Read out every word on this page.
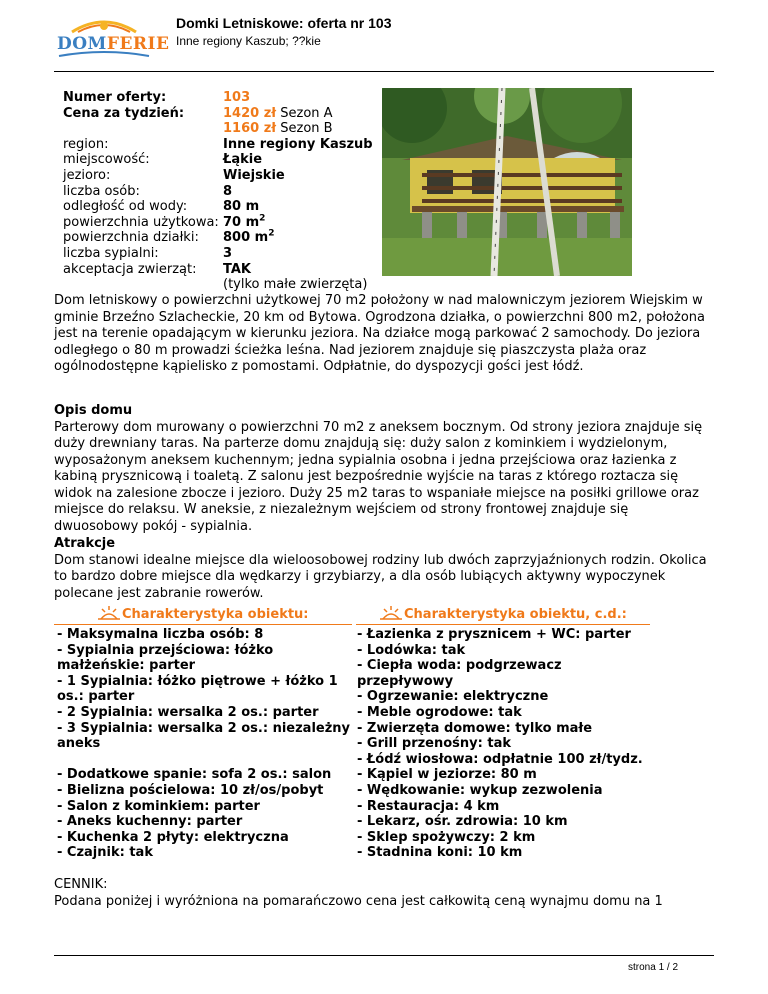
DOMFERIE
Domki Letniskowe: oferta nr 103
Inne regiony Kaszub; ??kie
Numer oferty:	103
Cena za tydzień:	1420 zł Sezon A
1160 zł Sezon B
region:	Inne regiony Kaszub
miejscowość:	Łąkie
jezioro:	Wiejskie
liczba osób:	8
odległość od wody:	80 m
powierzchnia użytkowa: 70 $m^2$
powierzchnia działki: 800 $m^2$
liczba sypialni:	3
akceptacja zwierząt: TAK
(tylko małe zwierzęta)
Dom letniskowy o powierzchni użytkowej 70 m2 położony w nad malowniczym jeziorem Wiejskim w gminie Brzeźno Szlacheckie, 20 km od Bytowa. Ogrodzona działka, o powierzchni 800 m2, położona jest na terenie opadającym w kierunku jeziora. Na działce mogą parkować 2 samochody. Do jeziora odległego o 80 m prowadzi ścieżka leśna. Nad jeziorem znajduje się piaszczysta plaża oraz ogólnodostępne kąpielisko z pomostami. Odpłatnie, do dyspozycji gości jest łódź.
Opis domu
Parterowy dom murowany o powierzchni 70 m2 z aneksem bocznym. Od strony jeziora znajduje się duży drewniany taras. Na parterze domu znajdują się: duży salon z kominkiem i wydzielonym, wyposażonym aneksem kuchennym; jedna sypialnia osobna i jedna przejściowa oraz łazienka z kabiną prysznicową i toaletą. Z salonu jest bezpośrednie wyjście na taras z którego roztacza się widok na zalesione zbocze i jezioro. Duży 25 m2 taras to wspaniałe miejsce na posiłki grillowe oraz miejsce do relaksu. W aneksie, z niezależnym wejściem od strony frontowej znajduje się dwuosobowy pokój - sypialnia.
Atrakcje
Dom stanowi idealne miejsce dla wieloosobowej rodziny lub dwóch zaprzyjaźnionych rodzin. Okolica to bardzo dobre miejsce dla wędkarzy i grzybiarzy, a dla osób lubiących aktywny wypoczynek polecane jest zabranie rowerów.
Charakterystyka obiektu:	Charakterystyka obiektu, c.d.:
- Maksymalna liczba osób: 8
- Sypialnia przejściowa: łóżko małżeńskie: parter
- 1 Sypialnia: łóżko piętrowe + łóżko 1 os.: parter
- 2 Sypialnia: wersalka 2 os.: parter
- 3 Sypialnia: wersalka 2 os.: niezależny aneks
- Dodatkowe spanie: sofa 2 os.: salon
- Bielizna pościelowa: 10 zł/os/pobyt
- Salon z kominkiem: parter
- Aneks kuchenny: parter
- Kuchenka 2 płyty: elektryczna
- Czajnik: tak
- Łazienka z prysznicem + WC: parter
- Lodówka: tak
- Ciepła woda: podgrzewacz przepływowy
- Ogrzewanie: elektryczne
- Meble ogrodowe: tak
- Zwierzęta domowe: tylko małe
- Grill przenośny: tak
- Łódź wiosłowa: odpłatnie 100 zł/tydz.
- Kąpiel w jeziorze: 80 m
- Wędkowanie: wykup zezwolenia
- Restauracja: 4 km
- Lekarz, ośr. zdrowia: 10 km
- Sklep spożywczy: 2 km
- Stadnina koni: 10 km
CENNIK:
Podana poniżej i wyróżniona na pomarańczowo cena jest całkowitą ceną wynajmu domu na 1
strona 1 / 2
